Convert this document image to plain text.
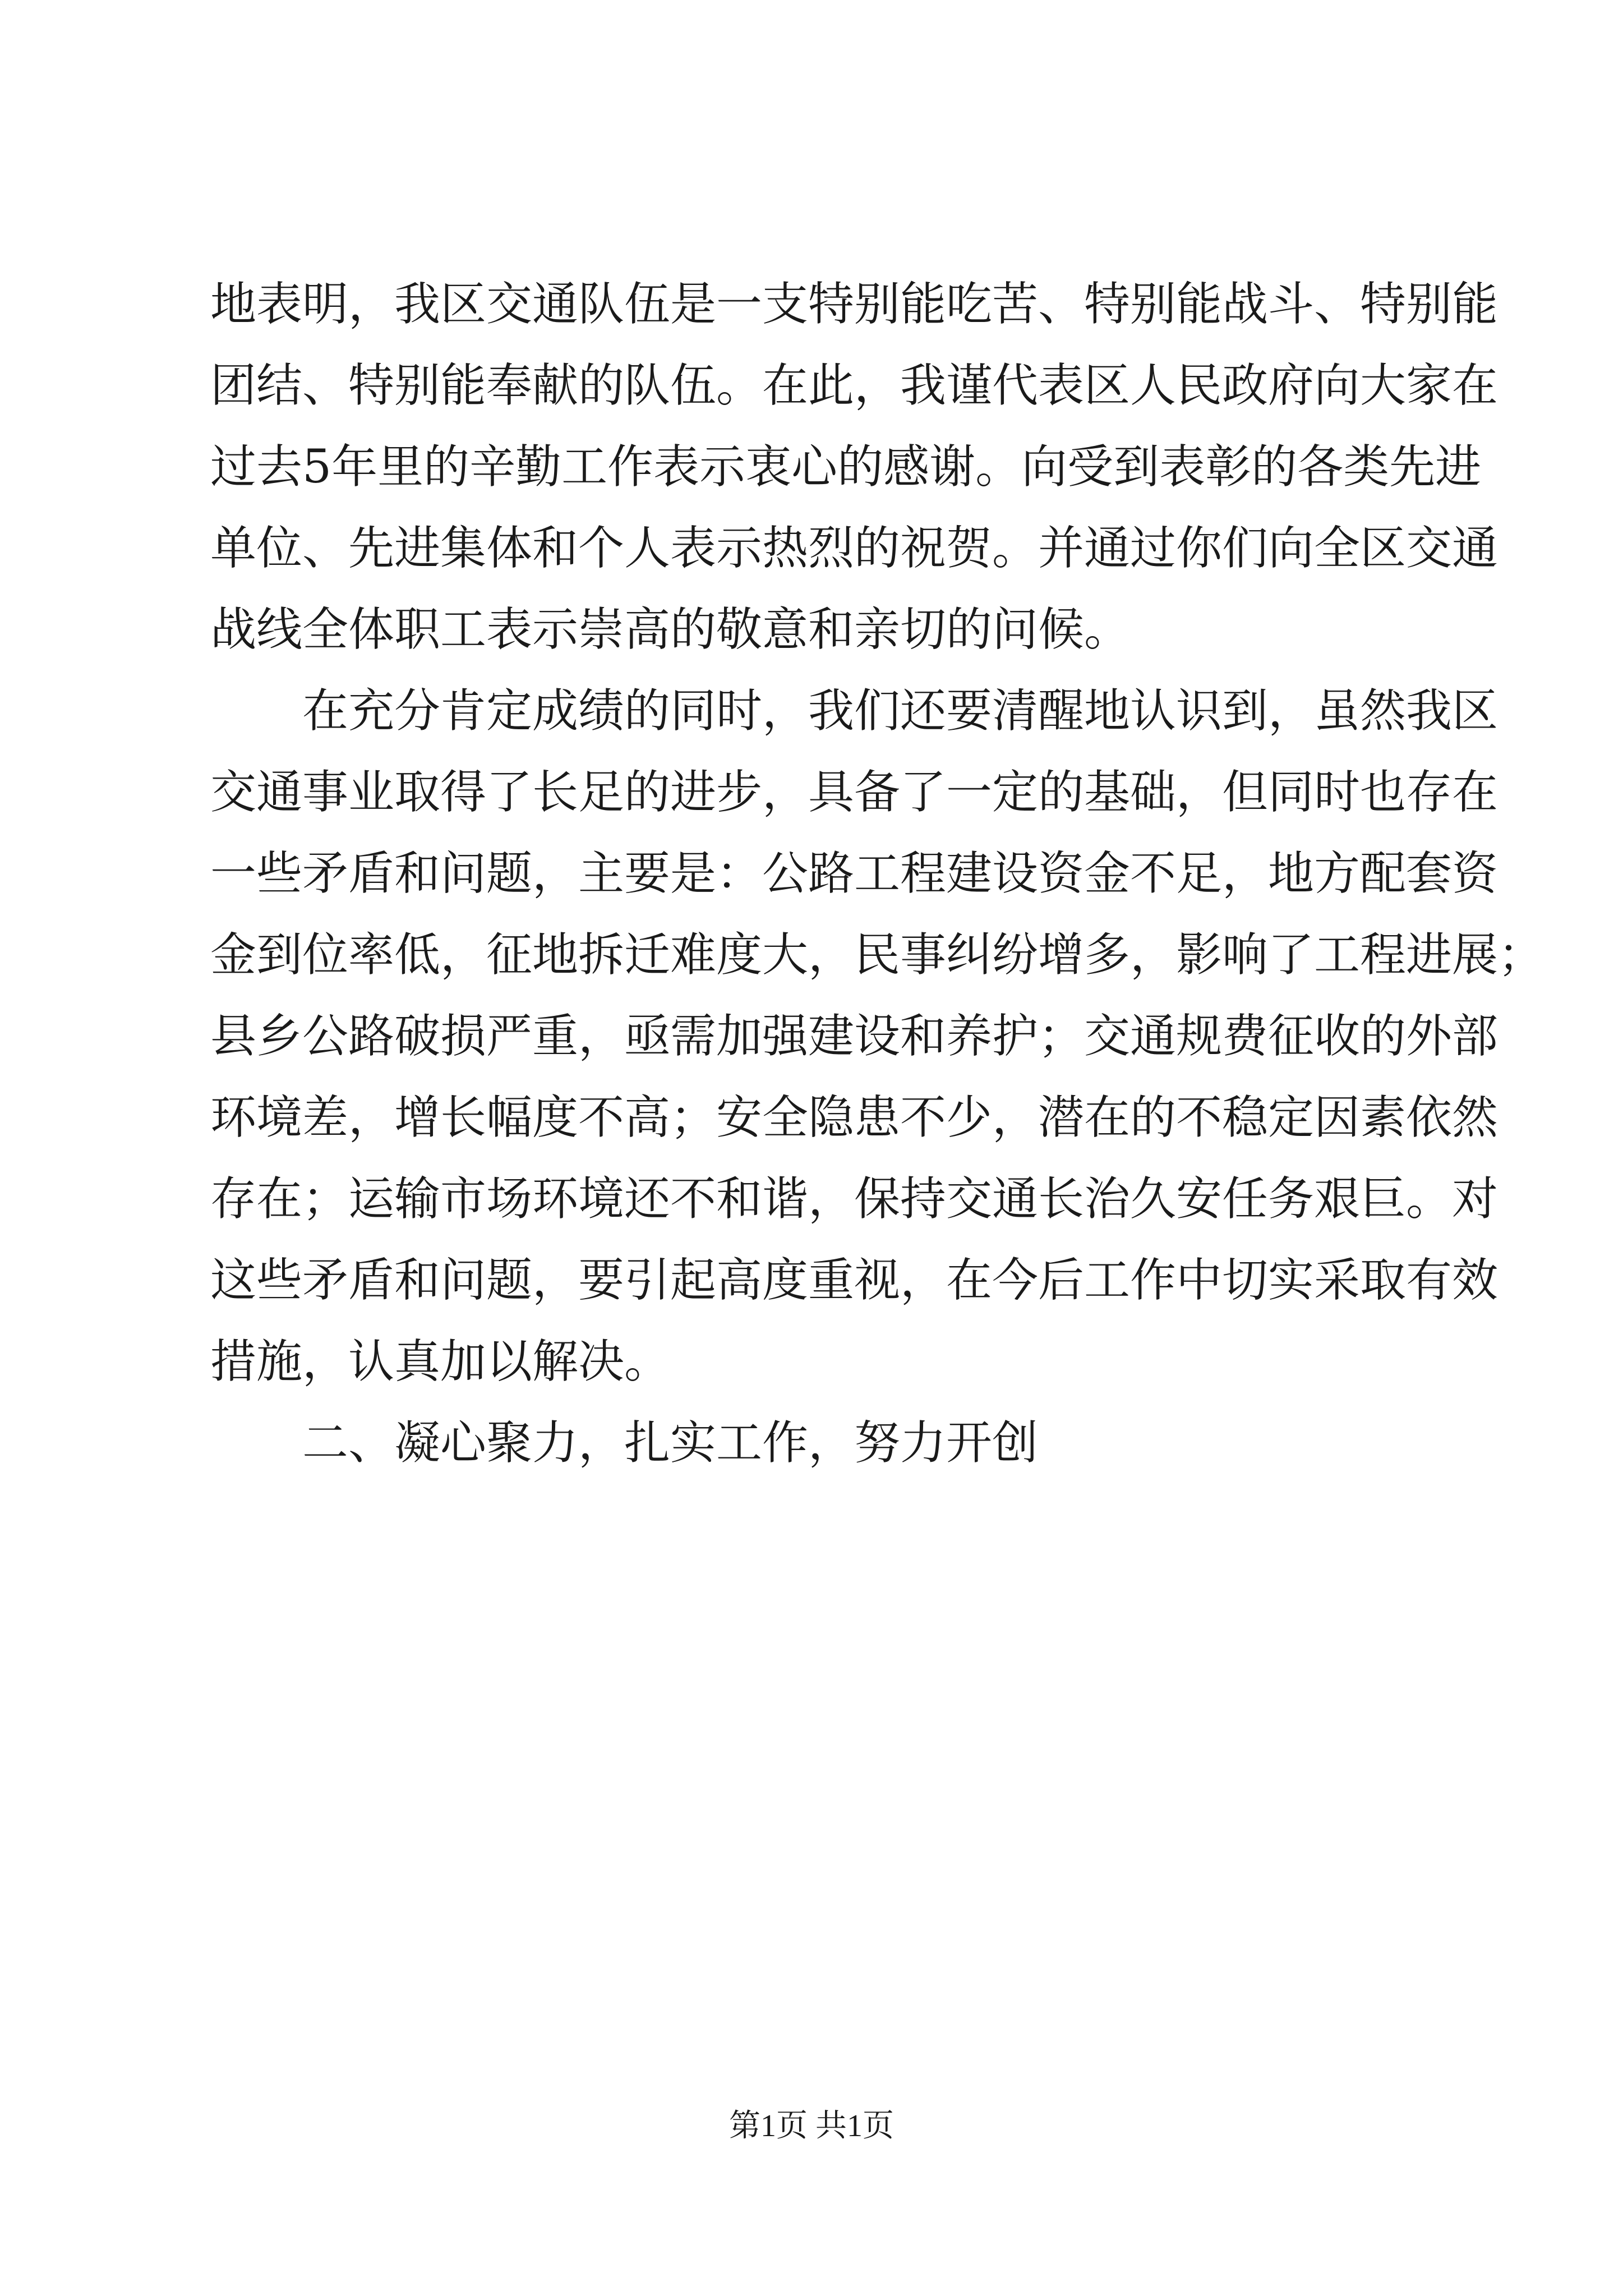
地表明，我区交通队伍是一支特别能吃苦、特别能战斗、特别能
团结、特别能奉献的队伍。在此，我谨代表区人民政府向大家在
过去5年里的辛勤工作表示衷心的感谢。向受到表彰的各类先进
单位、先进集体和个人表示热烈的祝贺。并通过你们向全区交通
战线全体职工表示崇高的敬意和亲切的问候。
在充分肯定成绩的同时，我们还要清醒地认识到，虽然我区
交通事业取得了长足的进步，具备了一定的基础，但同时也存在
一些矛盾和问题，主要是：公路工程建设资金不足，地方配套资
金到位率低，征地拆迁难度大，民事纠纷增多，影响了工程进展；
县乡公路破损严重，亟需加强建设和养护；交通规费征收的外部
环境差，增长幅度不高；安全隐患不少，潜在的不稳定因素依然
存在；运输市场环境还不和谐，保持交通长治久安任务艰巨。对
这些矛盾和问题，要引起高度重视，在今后工作中切实采取有效
措施，认真加以解决。
二、凝心聚力，扎实工作，努力开创
第1页 共1页
